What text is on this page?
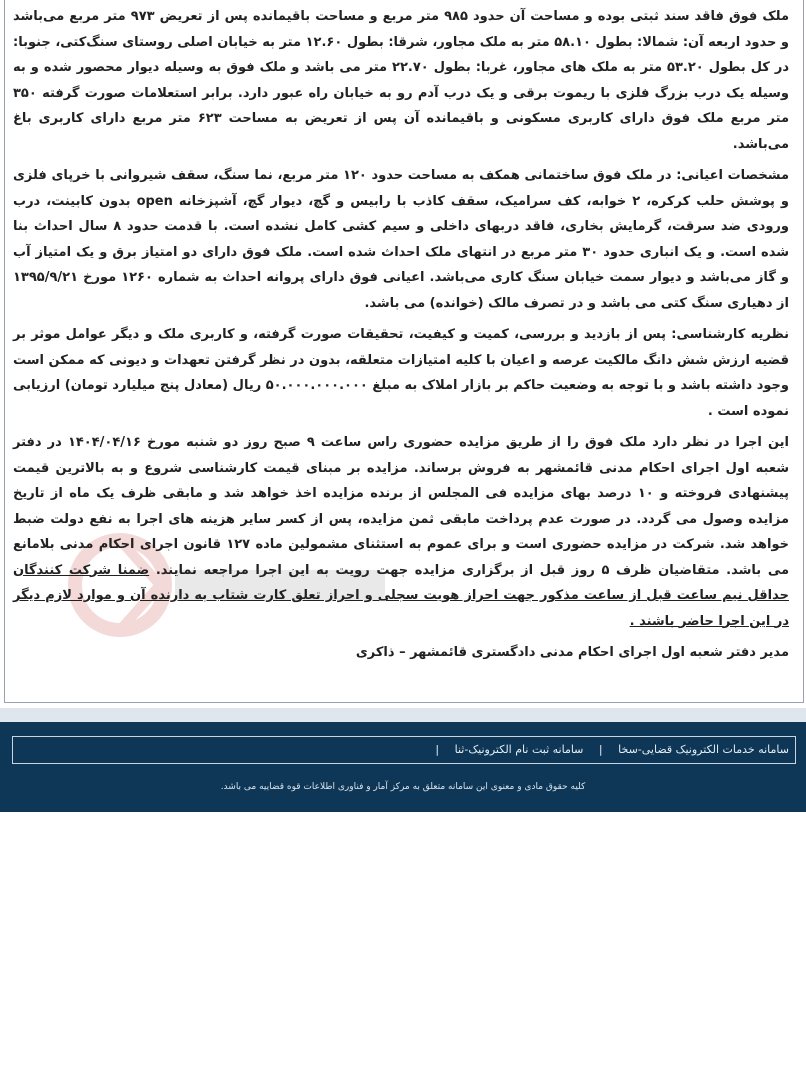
ملک فوق فاقد سند ثبتی بوده و مساحت آن حدود ۹۸۵ متر مربع و مساحت باقیمانده پس از تعریض ۹۷۳ متر مربع می‌باشد و حدود اربعه آن: شمالا: بطول ۵۸.۱۰ متر به ملک مجاور، شرقا: بطول ۱۲.۶۰ متر به خیابان اصلی روستای سنگ‌کتی، جنوبا: در کل بطول ۵۳.۲۰ متر به ملک های مجاور، غربا: بطول ۲۲.۷۰ متر می باشد و ملک فوق به وسیله دیوار محصور شده و به وسیله یک درب بزرگ فلزی با ریموت برقی و یک درب آدم رو به خیابان راه عبور دارد. برابر استعلامات صورت گرفته ۳۵۰ متر مربع ملک فوق دارای کاربری مسکونی و باقیمانده آن پس از تعریض به مساحت ۶۲۳ متر مربع دارای کاربری باغ می‌باشد.

مشخصات اعیانی: در ملک فوق ساختمانی همکف به مساحت حدود ۱۲۰ متر مربع، نما سنگ، سقف شیروانی با خرپای فلزی و پوشش حلب کرکره، ۲ خوابه، کف سرامیک، سقف کاذب با رابیس و گچ، دیوار گچ، آشپزخانه open بدون کابینت، درب ورودی ضد سرقت، گرمایش بخاری، فاقد دربهای داخلی و سیم کشی کامل نشده است. با قدمت حدود ۸ سال احداث بنا شده است. و یک انباری حدود ۳۰ متر مربع در انتهای ملک احداث شده است. ملک فوق دارای دو امتیاز برق و یک امتیاز آب و گاز می‌باشد و دیوار سمت خیابان سنگ کاری می‌باشد. اعیانی فوق دارای پروانه احداث به شماره ۱۲۶۰ مورخ ۱۳۹۵/۹/۲۱ از دهیاری سنگ کتی می باشد و در تصرف مالک (خوانده) می باشد.

نظریه کارشناسی: پس از بازدید و بررسی، کمیت و کیفیت، تحقیقات صورت گرفته، و کاربری ملک و دیگر عوامل موثر بر قضیه ارزش شش دانگ مالکیت عرصه و اعیان با کلیه امتیازات متعلقه، بدون در نظر گرفتن تعهدات و دیونی که ممکن است وجود داشته باشد و با توجه به وضعیت حاکم بر بازار املاک به مبلغ ۵۰.۰۰۰.۰۰۰.۰۰۰ ریال (معادل پنج میلیارد تومان) ارزیابی نموده است .

این اجرا در نظر دارد ملک فوق را از طریق مزایده حضوری راس ساعت ۹ صبح روز دو شنبه مورخ ۱۴۰۴/۰۴/۱۶ در دفتر شعبه اول اجرای احکام مدنی قائمشهر به فروش برساند. مزایده بر مبنای قیمت کارشناسی شروع و به بالاترین قیمت پیشنهادی فروخته و ۱۰ درصد بهای مزایده فی المجلس از برنده مزایده اخذ خواهد شد و مابقی ظرف یک ماه از تاریخ مزایده وصول می گردد. در صورت عدم پرداخت مابقی ثمن مزایده، پس از کسر سایر هزینه های اجرا به نفع دولت ضبط خواهد شد. شرکت در مزایده حضوری است و برای عموم به استثنای مشمولین ماده ۱۲۷ قانون اجرای احکام مدنی بلامانع می باشد. متقاضیان ظرف ۵ روز قبل از برگزاری مزایده جهت رویت به این اجرا مراجعه نمایند. ضمنا شرکت کنندگان حداقل نیم ساعت قبل از ساعت مذکور جهت احراز هویت سجلی و احراز تعلق کارت شتاب به دارنده آن و موارد لازم دیگر در این اجرا حاضر باشند .

مدیر دفتر شعبه اول اجرای احکام مدنی دادگستری قائمشهر – ذاکری

سامانه خدمات الکترونیک قضایی-سخا | سامانه ثبت نام الکترونیک-ثنا |
کلیه حقوق مادی و معنوی این سامانه متعلق به مرکز آمار و فناوری اطلاعات قوه قضاییه می باشد.
